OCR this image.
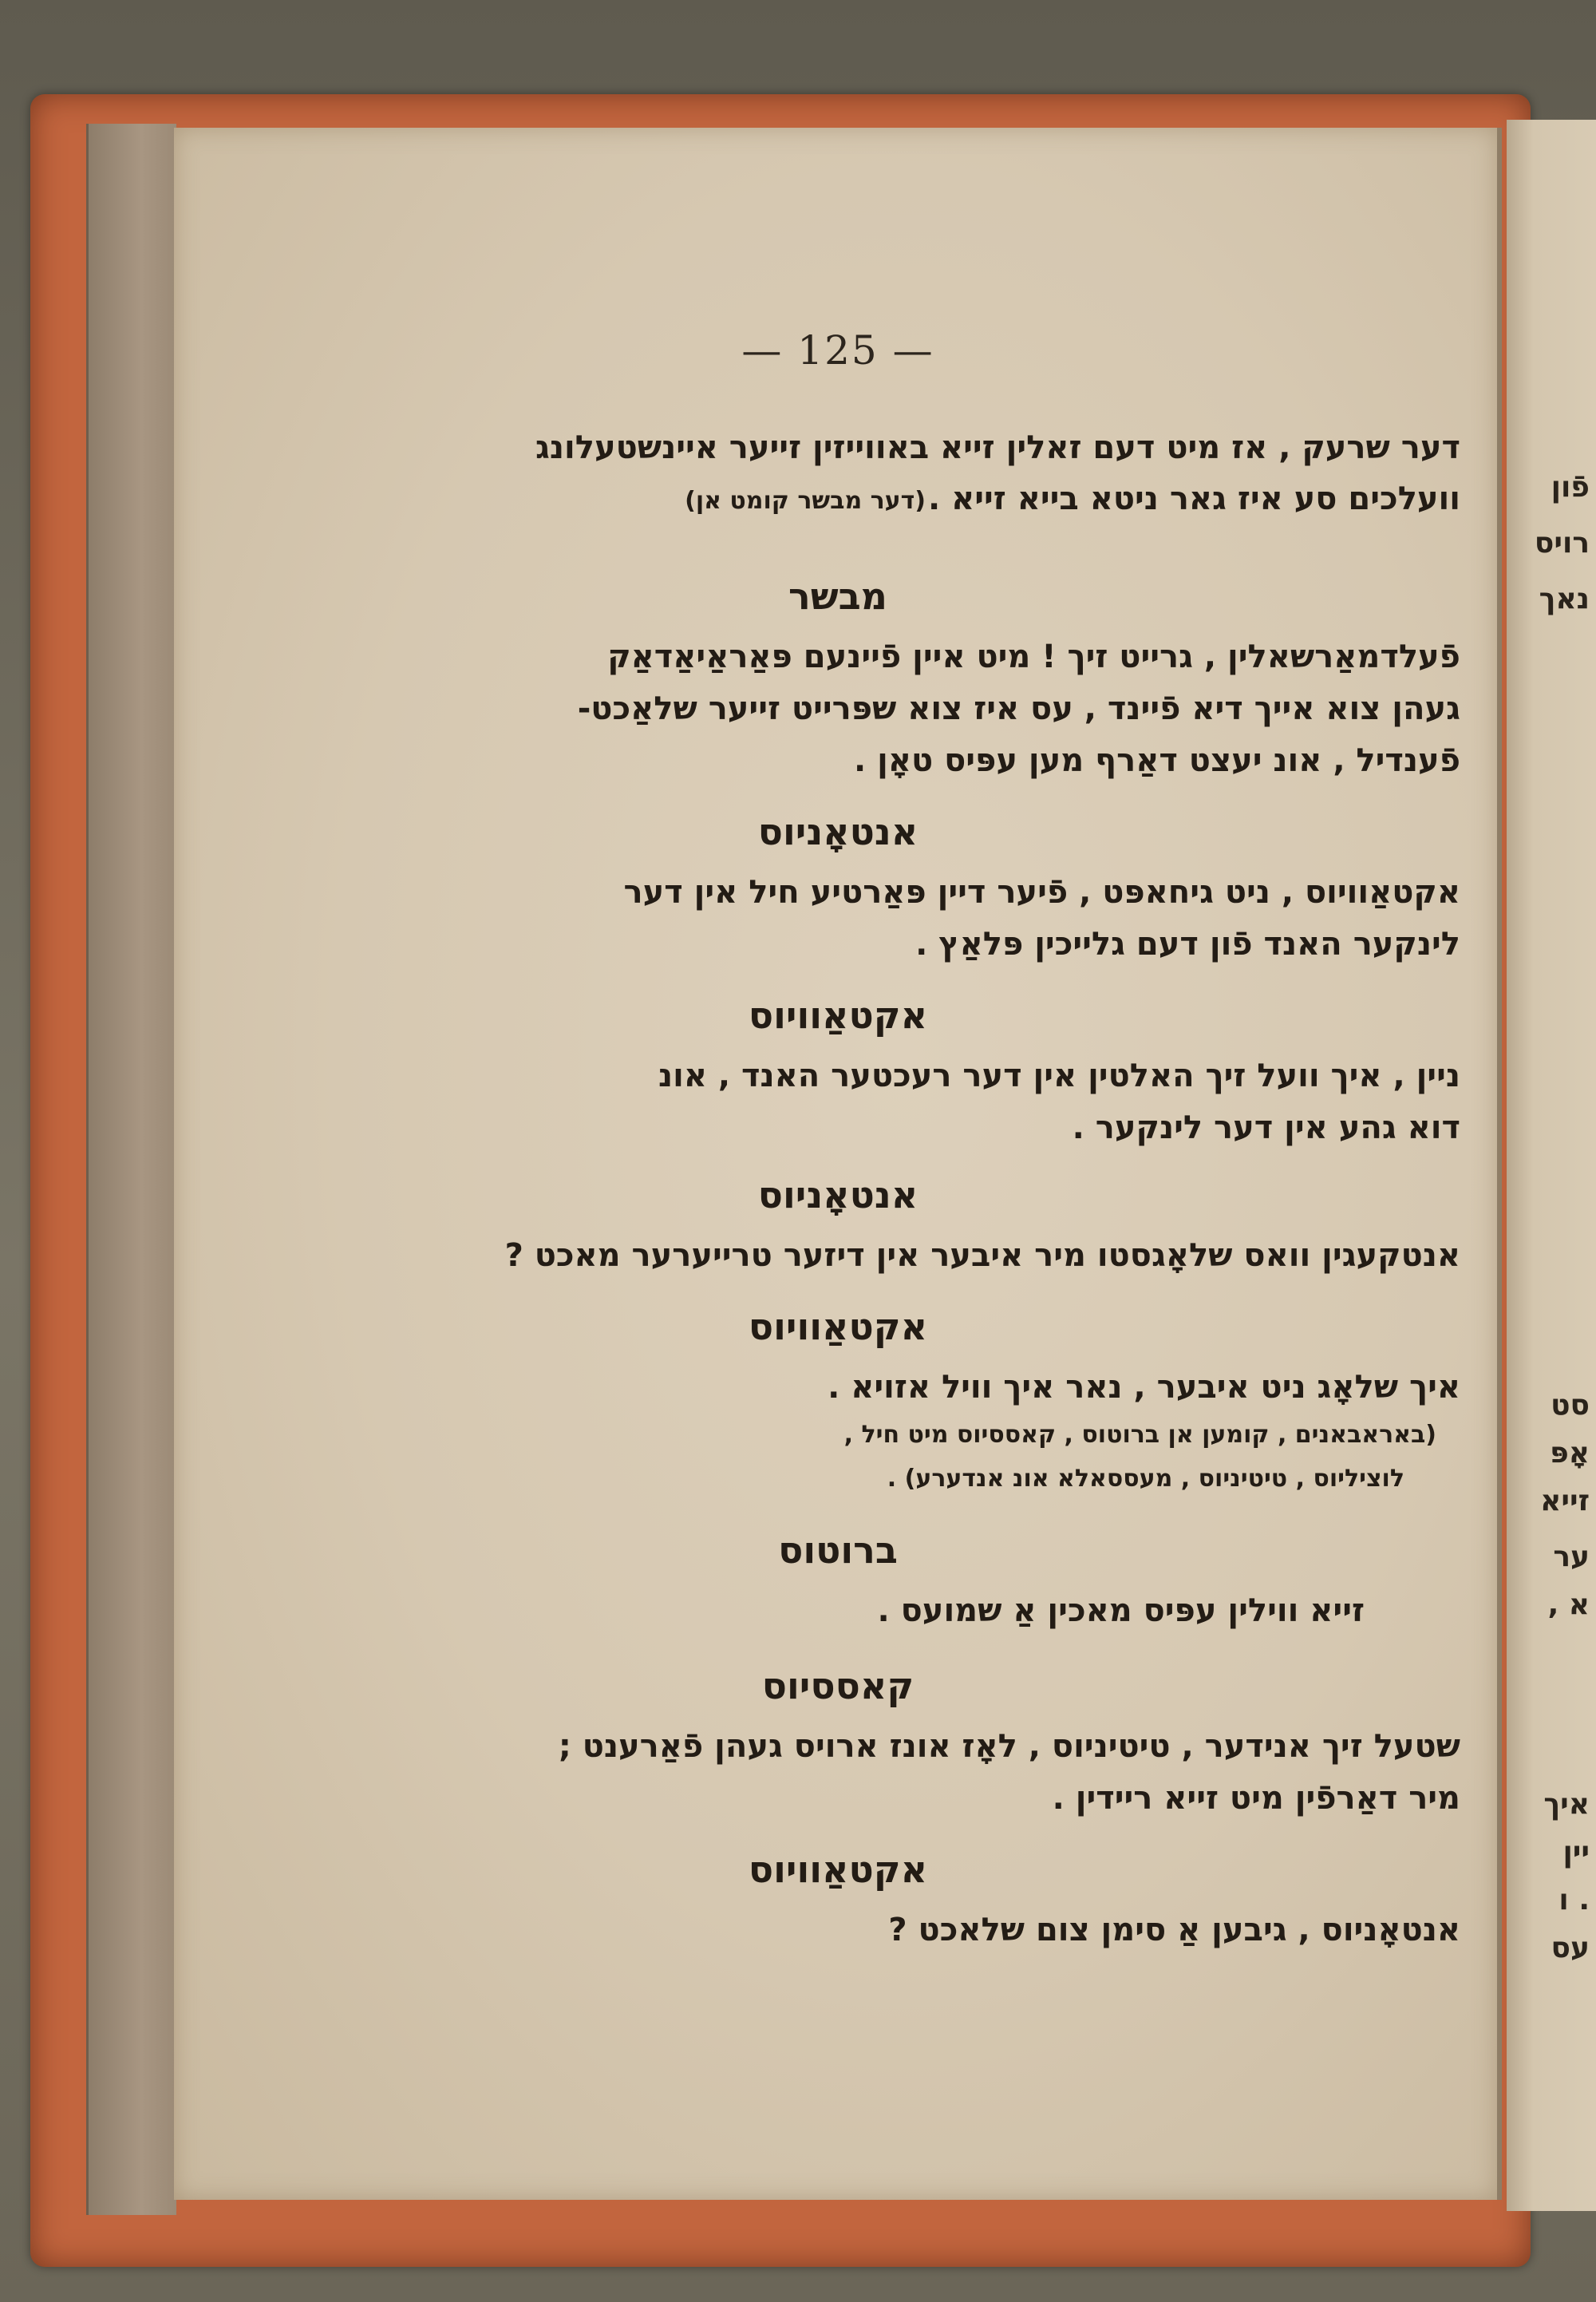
פֿון
רויס
נאך
סט
אָפּ
זייא
ער
א ,
איך
יין
. ו
עס
— 125 —
דער שרעק , אז מיט דעם זאלין זייא באווייזין זייער איינשטעלונג
וועלכים סע איז גאר ניטא בייא זייא .
(דער מבשר קומט אן)
מבשר
פֿעלדמאַרשאלין , גרייט זיך ! מיט איין פֿיינעם פּאַראַיאַדאַק
געהן צוא אייך דיא פֿיינד , עס איז צוא שפּרייט זייער שלאַכט-
פֿענדיל , אונ יעצט דאַרף מען עפּיס טאָן .
אנטאָניוס
אקטאַוויוס , ניט גיחאפּט , פֿיער דיין פּאַרטיע חיל אין דער
לינקער האנד פֿון דעם גלייכין פּלאַץ .
אקטאַוויוס
ניין , איך וועל זיך האלטין אין דער רעכטער האנד , אונ
דוא גהע אין דער לינקער .
אנטאָניוס
אנטקעגין וואס שלאָגסטו מיר איבער אין דיזער טרייערער מאכט ?
אקטאַוויוס
איך שלאָג ניט איבער , נאר איך וויל אזויא .
(באראבאנים , קומען אן ברוטוס , קאססיוס מיט חיל ,
לוציליוס , טיטיניוס , מעססאלא אונ אנדערע) .
ברוטוס
זייא ווילין עפּיס מאכין אַ שמועס .
קאססיוס
שטעל זיך אנידער , טיטיניוס , לאָז אונז ארויס געהן פֿאַרענט ;
מיר דאַרפֿין מיט זייא ריידין .
אקטאַוויוס
אנטאָניוס , גיבען אַ סימן צום שלאכט ?
